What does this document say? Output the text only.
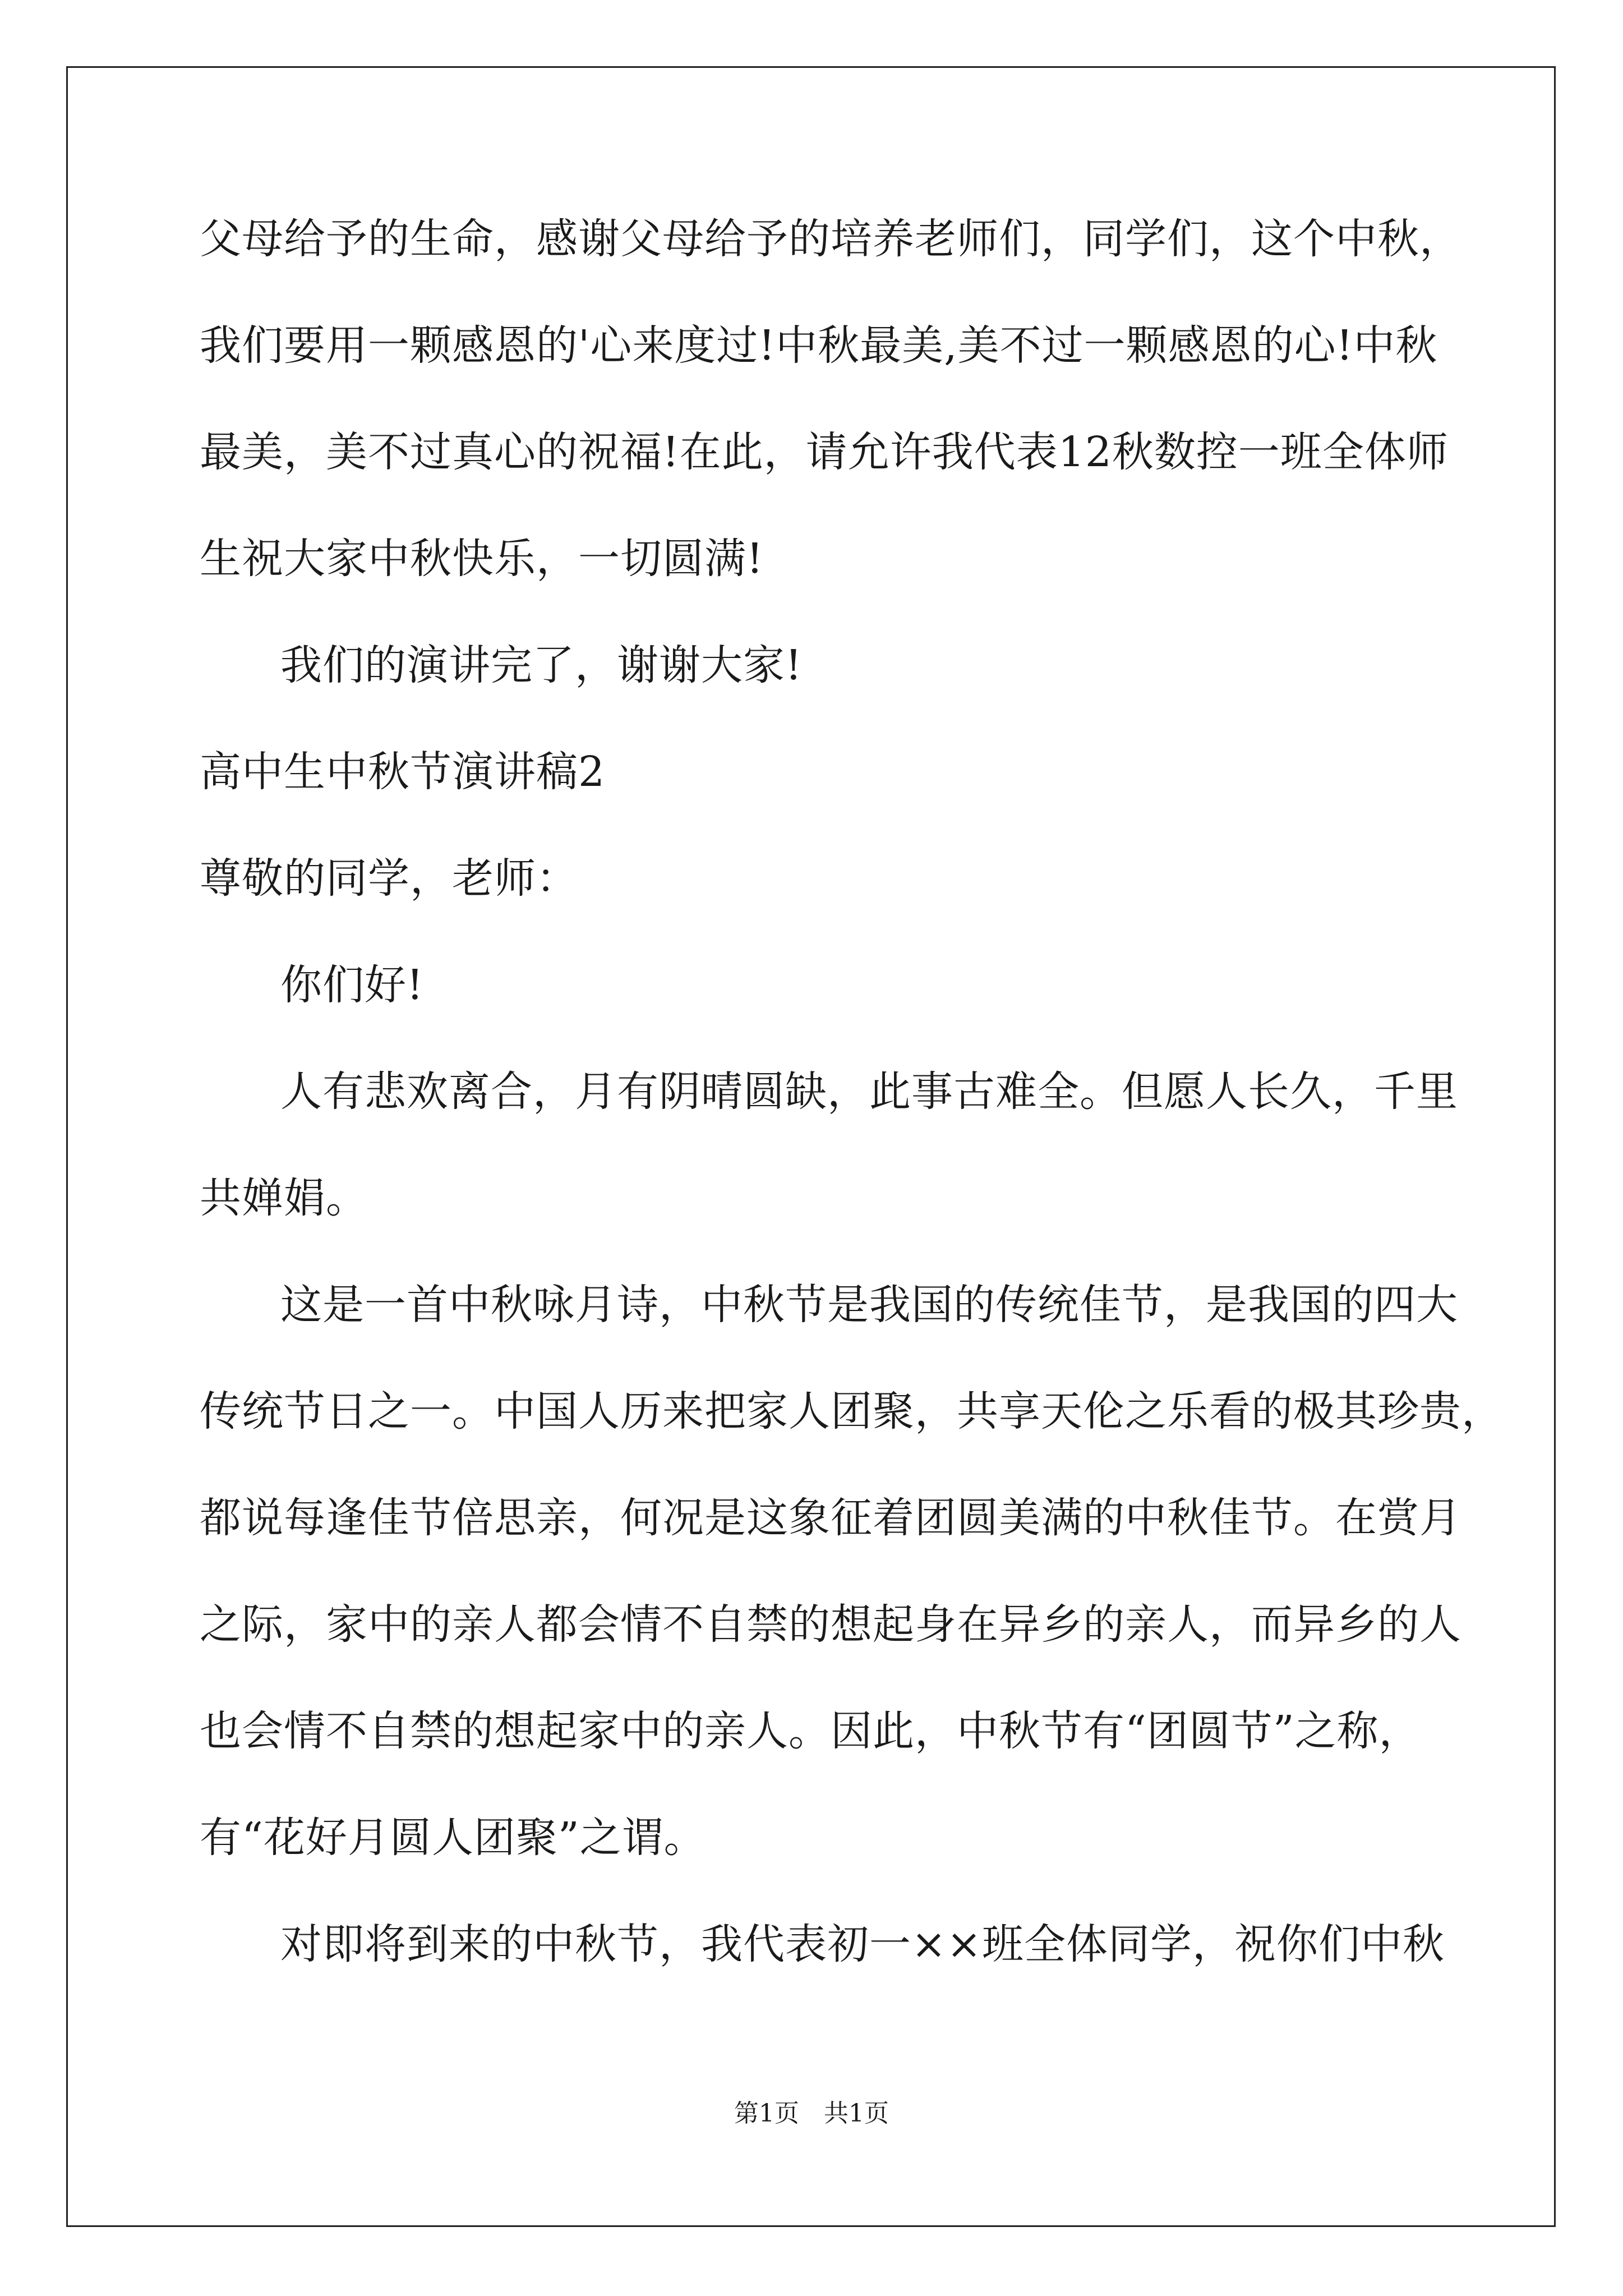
父母给予的生命，感谢父母给予的培养老师们，同学们，这个中秋，

我们要用一颗感恩的'心来度过!中秋最美,美不过一颗感恩的心!中秋

最美，美不过真心的祝福!在此，请允许我代表12秋数控一班全体师

生祝大家中秋快乐，一切圆满!

我们的演讲完了，谢谢大家!

高中生中秋节演讲稿2

尊敬的同学，老师：

你们好!

人有悲欢离合，月有阴晴圆缺，此事古难全。但愿人长久，千里

共婵娟。

这是一首中秋咏月诗，中秋节是我国的传统佳节，是我国的四大

传统节日之一。中国人历来把家人团聚，共享天伦之乐看的极其珍贵，

都说每逢佳节倍思亲，何况是这象征着团圆美满的中秋佳节。在赏月

之际，家中的亲人都会情不自禁的想起身在异乡的亲人，而异乡的人

也会情不自禁的想起家中的亲人。因此，中秋节有“团圆节”之称，

有“花好月圆人团聚”之谓。

对即将到来的中秋节，我代表初一××班全体同学，祝你们中秋

第1页　共1页
